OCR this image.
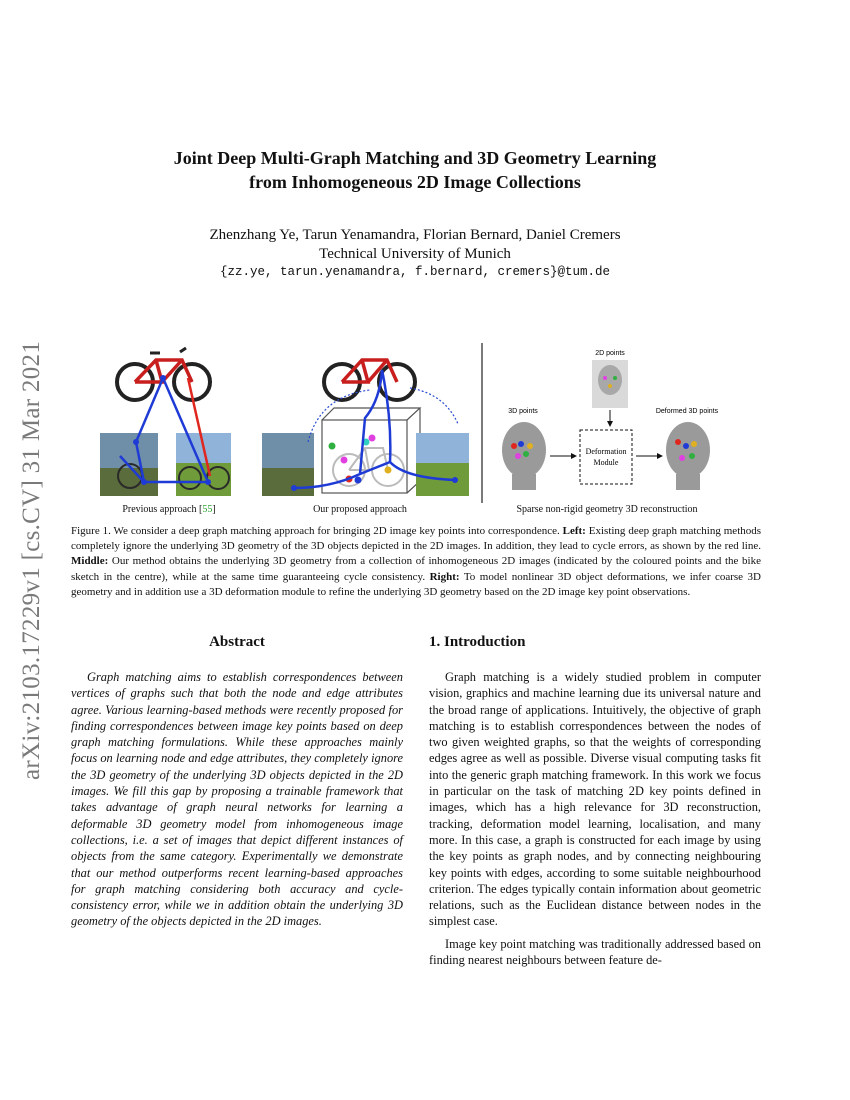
arXiv:2103.17229v1 [cs.CV] 31 Mar 2021
Joint Deep Multi-Graph Matching and 3D Geometry Learning
from Inhomogeneous 2D Image Collections
Zhenzhang Ye, Tarun Yenamandra, Florian Bernard, Daniel Cremers
Technical University of Munich
{zz.ye, tarun.yenamandra, f.bernard, cremers}@tum.de
2D points
3D points	Deformed 3D points
Deformation
Module
Previous approach [55]	Our proposed approach	Sparse non-rigid geometry 3D reconstruction

Figure 1. We consider a deep graph matching approach for bringing 2D image key points into correspondence. Left: Existing deep graph matching methods completely ignore the underlying 3D geometry of the 3D objects depicted in the 2D images. In addition, they lead to cycle errors, as shown by the red line. Middle: Our method obtains the underlying 3D geometry from a collection of inhomogeneous 2D images (indicated by the coloured points and the bike sketch in the centre), while at the same time guaranteeing cycle consistency. Right: To model nonlinear 3D object deformations, we infer coarse 3D geometry and in addition use a 3D deformation module to refine the underlying 3D geometry based on the 2D image key point observations.

Abstract

Graph matching aims to establish correspondences between vertices of graphs such that both the node and edge attributes agree. Various learning-based methods were recently proposed for finding correspondences between image key points based on deep graph matching formulations. While these approaches mainly focus on learning node and edge attributes, they completely ignore the 3D geometry of the underlying 3D objects depicted in the 2D images. We fill this gap by proposing a trainable framework that takes advantage of graph neural networks for learning a deformable 3D geometry model from inhomogeneous image collections, i.e. a set of images that depict different instances of objects from the same category. Experimentally we demonstrate that our method outperforms recent learning-based approaches for graph matching considering both accuracy and cycle-consistency error, while we in addition obtain the underlying 3D geometry of the objects depicted in the 2D images.

1. Introduction

Graph matching is a widely studied problem in computer vision, graphics and machine learning due its universal nature and the broad range of applications. Intuitively, the objective of graph matching is to establish correspondences between the nodes of two given weighted graphs, so that the weights of corresponding edges agree as well as possible. Diverse visual computing tasks fit into the generic graph matching framework. In this work we focus in particular on the task of matching 2D key points defined in images, which has a high relevance for 3D reconstruction, tracking, deformation model learning, localisation, and many more. In this case, a graph is constructed for each image by using the key points as graph nodes, and by connecting neighbouring key points with edges, according to some suitable neighbourhood criterion. The edges typically contain information about geometric relations, such as the Euclidean distance between nodes in the simplest case.

Image key point matching was traditionally addressed based on finding nearest neighbours between feature de-
